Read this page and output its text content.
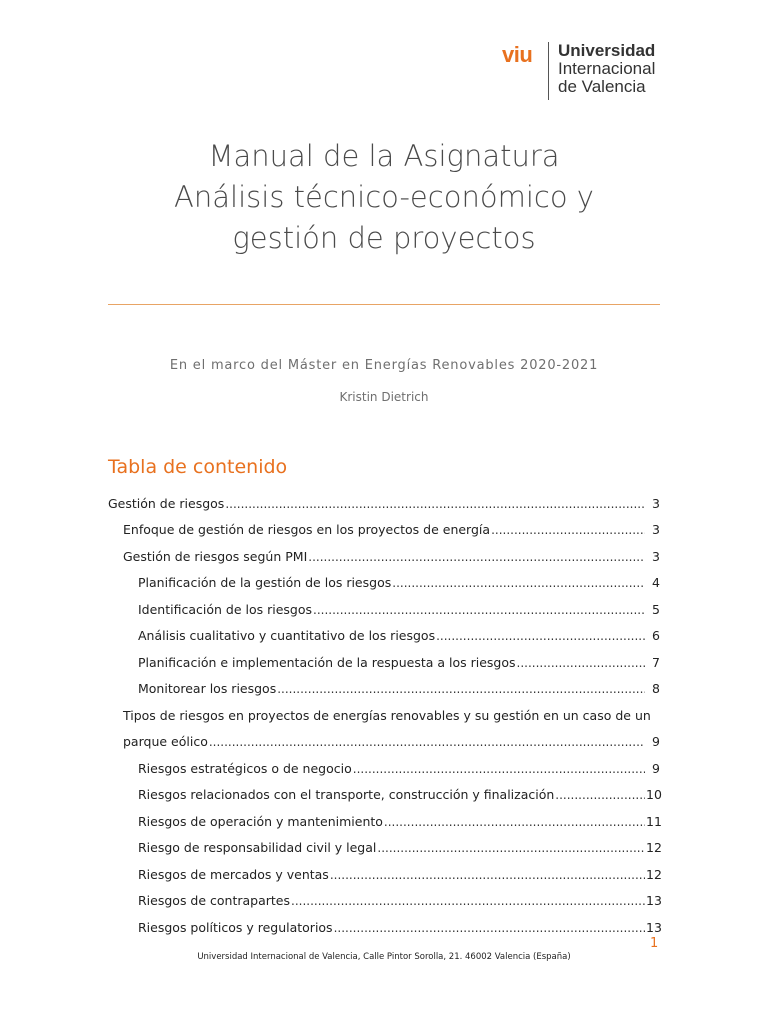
viu Universidad
Internacional
de Valencia
Manual de la Asignatura
Análisis técnico-económico y
gestión de proyectos
En el marco del Máster en Energías Renovables 2020-2021
Kristin Dietrich
Tabla de contenido
Gestión de riesgos .....	3
Enfoque de gestión de riesgos en los proyectos de energía .....	3
Gestión de riesgos según PMI .....	3
Planificación de la gestión de los riesgos .....	4
Identificación de los riesgos .....	5
Análisis cualitativo y cuantitativo de los riesgos .....	6
Planificación e implementación de la respuesta a los riesgos .....	7
Monitorear los riesgos .....	8
Tipos de riesgos en proyectos de energías renovables y su gestión en un caso de un
parque eólico .....	9
Riesgos estratégicos o de negocio .....	9
Riesgos relacionados con el transporte, construcción y finalización .....	10
Riesgos de operación y mantenimiento .....	11
Riesgo de responsabilidad civil y legal .....	12
Riesgos de mercados y ventas .....	12
Riesgos de contrapartes .....	13
Riesgos políticos y regulatorios .....	13
1
Universidad Internacional de Valencia, Calle Pintor Sorolla, 21. 46002 Valencia (España)
